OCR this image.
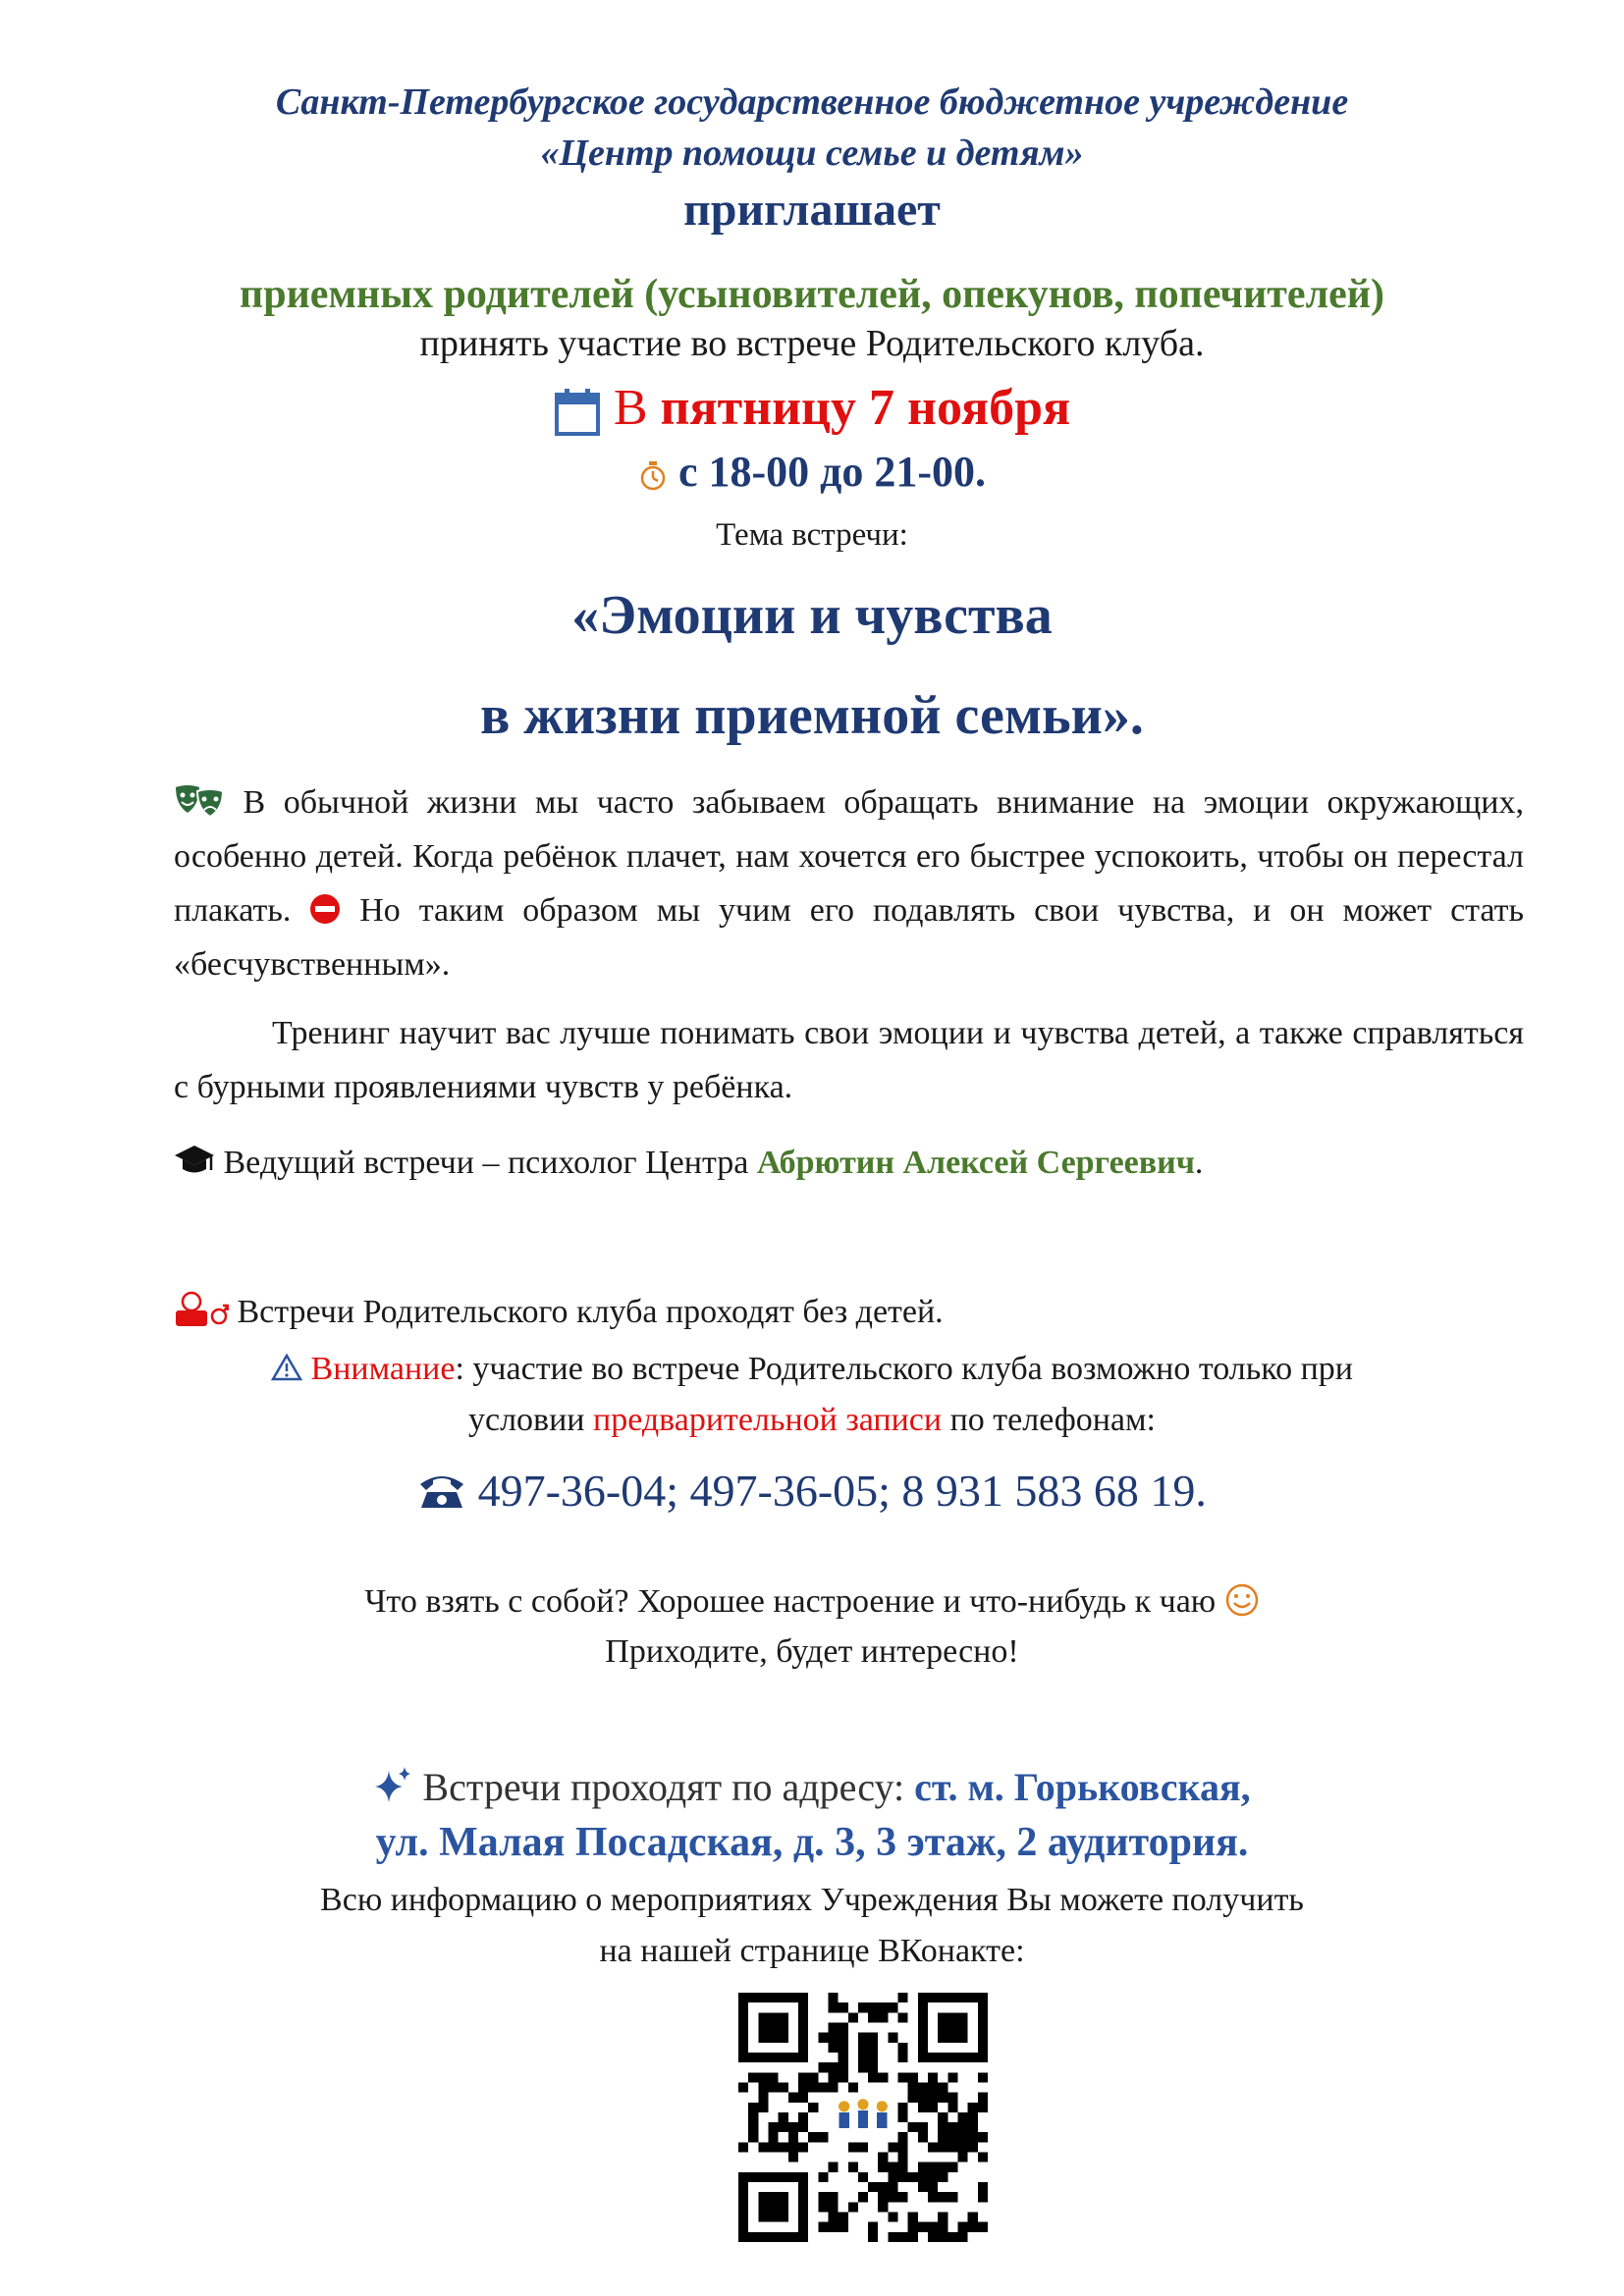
Санкт-Петербургское государственное бюджетное учреждение
«Центр помощи семье и детям»
приглашает
приемных родителей (усыновителей, опекунов, попечителей)
принять участие во встрече Родительского клуба.
В пятницу 7 ноября
с 18-00 до 21-00.
Тема встречи:
«Эмоции и чувства
в жизни приемной семьи».
В обычной жизни мы часто забываем обращать внимание на эмоции окружающих, особенно детей. Когда ребёнок плачет, нам хочется его быстрее успокоить, чтобы он перестал плакать. Но таким образом мы учим его подавлять свои чувства, и он может стать «бесчувственным».
Тренинг научит вас лучше понимать свои эмоции и чувства детей, а также справляться с бурными проявлениями чувств у ребёнка.
Ведущий встречи – психолог Центра Абрютин Алексей Сергеевич.
Встречи Родительского клуба проходят без детей.
Внимание: участие во встрече Родительского клуба возможно только при
условии предварительной записи по телефонам:
497-36-04; 497-36-05; 8 931 583 68 19.
Что взять с собой? Хорошее настроение и что-нибудь к чаю
Приходите, будет интересно!
Встречи проходят по адресу: ст. м. Горьковская,
ул. Малая Посадская, д. 3, 3 этаж, 2 аудитория.
Всю информацию о мероприятиях Учреждения Вы можете получить
на нашей странице ВКонакте:
